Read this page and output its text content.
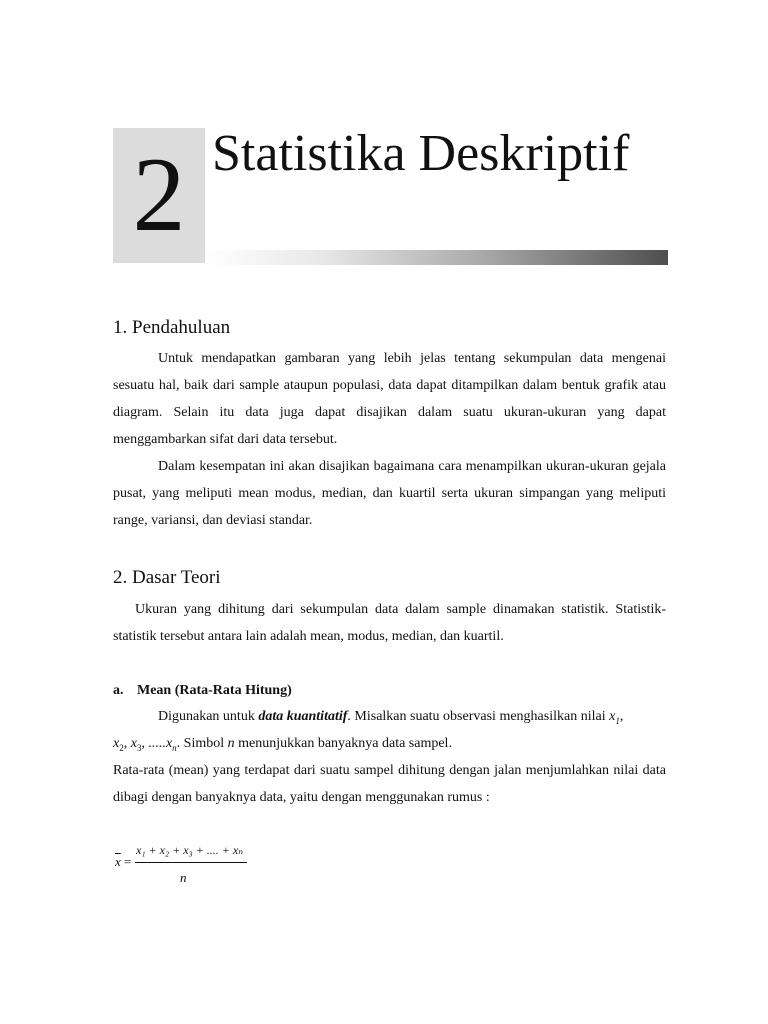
2 Statistika Deskriptif
1. Pendahuluan
Untuk mendapatkan gambaran yang lebih jelas tentang sekumpulan data mengenai sesuatu hal, baik dari sample ataupun populasi, data dapat ditampilkan dalam bentuk grafik atau diagram. Selain itu data juga dapat disajikan dalam suatu ukuran-ukuran yang dapat menggambarkan sifat dari data tersebut.
Dalam kesempatan ini akan disajikan bagaimana cara menampilkan ukuran-ukuran gejala pusat, yang meliputi mean modus, median, dan kuartil serta ukuran simpangan yang meliputi range, variansi, dan deviasi standar.
2. Dasar Teori
Ukuran yang dihitung dari sekumpulan data dalam sample dinamakan statistik. Statistik-statistik tersebut antara lain adalah mean, modus, median, dan kuartil.
a. Mean (Rata-Rata Hitung)
Digunakan untuk data kuantitatif. Misalkan suatu observasi menghasilkan nilai $x_1$,
$x_2$, $x_3$, $.....x_n$. Simbol n menunjukkan banyaknya data sampel.
Rata-rata (mean) yang terdapat dari suatu sampel dihitung dengan jalan menjumlahkan nilai data dibagi dengan banyaknya data, yaitu dengan menggunakan rumus :
$\overline{x}$ =
x₁ + x₂ + x₃ + .... + xₙ
n
